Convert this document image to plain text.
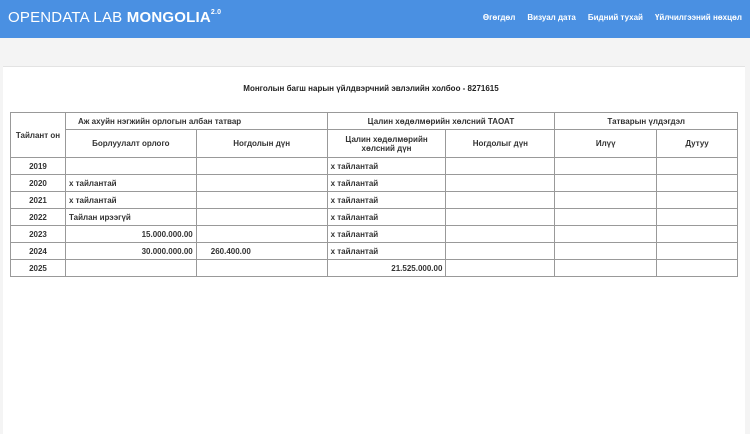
OPENDATA LAB $MONGOLIA^{2.0}$
Өгөгдөл Визуал дата Бидний тухай Үйлчилгээний нөхцөл
Монголын багш нарын үйлдвэрчний эвлэлийн холбоо - 8271615
Тайлант он	Аж ахуйн нэгжийн орлогын албан татвар		Цалин хөдөлмөрийн хөлсний ТАОАТ		Татварын үлдэгдэл	
	Борлуулалт орлого	Ногдолын дүн	Цалин хөдөлмөрийн хөлсний дүн	Ногдолыг дүн	Илүү	Дутуу
2019			х тайлантай			
2020	х тайлантай		х тайлантай			
2021	х тайлантай		х тайлантай			
2022	Тайлан ирээгүй		х тайлантай			
2023	15.000.000.00		х тайлантай			
2024	30.000.000.00	260.400.00	х тайлантай			
2025			21.525.000.00			
